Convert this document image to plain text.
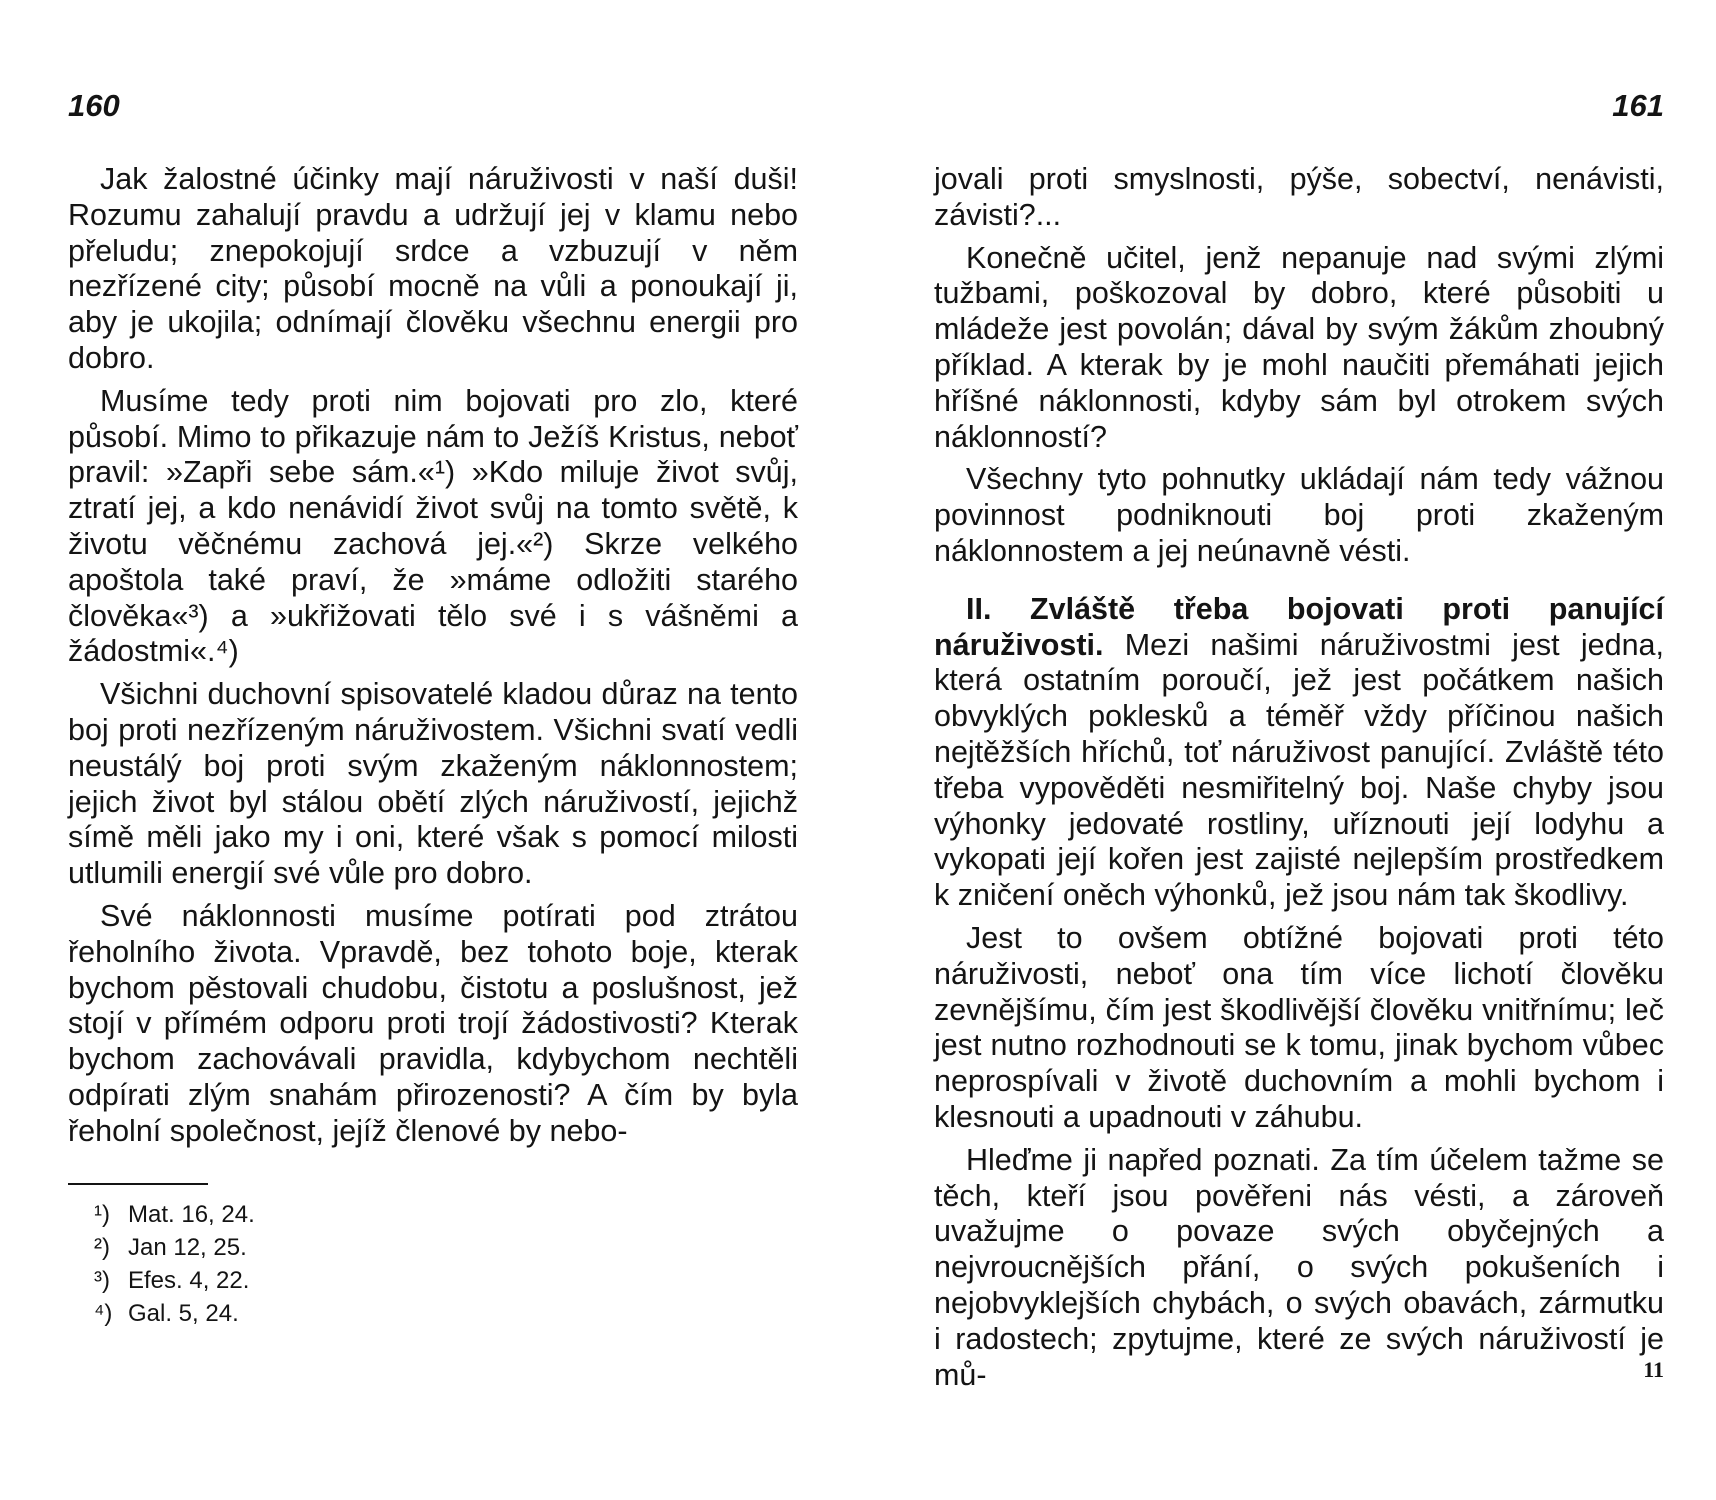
160

Jak žalostné účinky mají náruživosti v naší duši! Rozumu zahalují pravdu a udržují jej v klamu nebo přeludu; znepokojují srdce a vzbuzují v něm nezřízené city; působí mocně na vůli a ponoukají ji, aby je ukojila; odnímají člověku všechnu energii pro dobro.

Musíme tedy proti nim bojovati pro zlo, které působí. Mimo to přikazuje nám to Ježíš Kristus, neboť pravil: »Zapři sebe sám.«¹) »Kdo miluje život svůj, ztratí jej, a kdo nenávidí život svůj na tomto světě, k životu věčnému zachová jej.«²) Skrze velkého apoštola také praví, že »máme odložiti starého člověka«³) a »ukřižovati tělo své i s vášněmi a žádostmi«.⁴)

Všichni duchovní spisovatelé kladou důraz na tento boj proti nezřízeným náruživostem. Všichni svatí vedli neustálý boj proti svým zkaženým náklonnostem; jejich život byl stálou obětí zlých náruživostí, jejichž símě měli jako my i oni, které však s pomocí milosti utlumili energií své vůle pro dobro.

Své náklonnosti musíme potírati pod ztrátou řeholního života. Vpravdě, bez tohoto boje, kterak bychom pěstovali chudobu, čistotu a poslušnost, jež stojí v přímém odporu proti trojí žádostivosti? Kterak bychom zachovávali pravidla, kdybychom nechtěli odpírati zlým snahám přirozenosti? A čím by byla řeholní společnost, jejíž členové by nebo-

¹) Mat. 16, 24.
²) Jan 12, 25.
³) Efes. 4, 22.
⁴) Gal. 5, 24.
161

jovali proti smyslnosti, pýše, sobectví, nenávisti, závisti?...

Konečně učitel, jenž nepanuje nad svými zlými tužbami, poškozoval by dobro, které působiti u mládeže jest povolán; dával by svým žákům zhoubný příklad. A kterak by je mohl naučiti přemáhati jejich hříšné náklonnosti, kdyby sám byl otrokem svých náklonností?

Všechny tyto pohnutky ukládají nám tedy vážnou povinnost podniknouti boj proti zkaženým náklonnostem a jej neúnavně vésti.

II. Zvláště třeba bojovati proti panující náruživosti. Mezi našimi náruživostmi jest jedna, která ostatním poroučí, jež jest počátkem našich obvyklých poklesků a téměř vždy příčinou našich nejtěžších hříchů, toť náruživost panující. Zvláště této třeba vypověděti nesmiřitelný boj. Naše chyby jsou výhonky jedovaté rostliny, uříznouti její lodyhu a vykopati její kořen jest zajisté nejlepším prostředkem k zničení oněch výhonků, jež jsou nám tak škodlivy.

Jest to ovšem obtížné bojovati proti této náruživosti, neboť ona tím více lichotí člověku zevnějšímu, čím jest škodlivější člověku vnitřnímu; leč jest nutno rozhodnouti se k tomu, jinak bychom vůbec neprospívali v životě duchovním a mohli bychom i klesnouti a upadnouti v záhubu.

Hleďme ji napřed poznati. Za tím účelem tažme se těch, kteří jsou pověřeni nás vésti, a zároveň uvažujme o povaze svých obyčejných a nejvroucnějších přání, o svých pokušeních i nejobvyklejších chybách, o svých obavách, zármutku i radostech; zpytujme, které ze svých náruživostí je mů-	11
